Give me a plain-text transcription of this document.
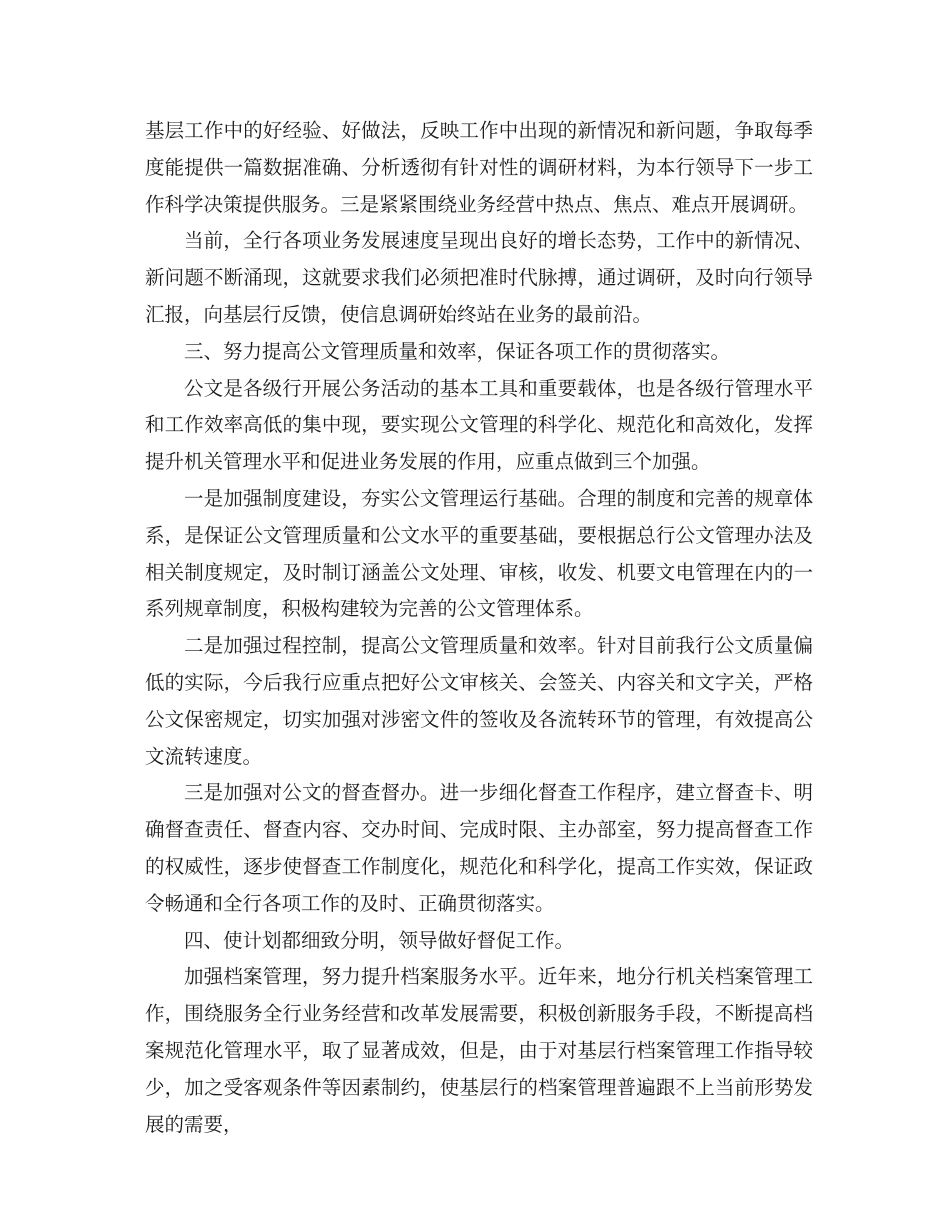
基层工作中的好经验、好做法，反映工作中出现的新情况和新问题，争取每季度能提供一篇数据准确、分析透彻有针对性的调研材料，为本行领导下一步工作科学决策提供服务。三是紧紧围绕业务经营中热点、焦点、难点开展调研。

当前，全行各项业务发展速度呈现出良好的增长态势，工作中的新情况、新问题不断涌现，这就要求我们必须把准时代脉搏，通过调研，及时向行领导汇报，向基层行反馈，使信息调研始终站在业务的最前沿。

三、努力提高公文管理质量和效率，保证各项工作的贯彻落实。

公文是各级行开展公务活动的基本工具和重要载体，也是各级行管理水平和工作效率高低的集中现，要实现公文管理的科学化、规范化和高效化，发挥提升机关管理水平和促进业务发展的作用，应重点做到三个加强。

一是加强制度建设，夯实公文管理运行基础。合理的制度和完善的规章体系，是保证公文管理质量和公文水平的重要基础，要根据总行公文管理办法及相关制度规定，及时制订涵盖公文处理、审核，收发、机要文电管理在内的一系列规章制度，积极构建较为完善的公文管理体系。

二是加强过程控制，提高公文管理质量和效率。针对目前我行公文质量偏低的实际，今后我行应重点把好公文审核关、会签关、内容关和文字关，严格公文保密规定，切实加强对涉密文件的签收及各流转环节的管理，有效提高公文流转速度。

三是加强对公文的督查督办。进一步细化督查工作程序，建立督查卡、明确督查责任、督查内容、交办时间、完成时限、主办部室，努力提高督查工作的权威性，逐步使督查工作制度化，规范化和科学化，提高工作实效，保证政令畅通和全行各项工作的及时、正确贯彻落实。

四、使计划都细致分明，领导做好督促工作。

加强档案管理，努力提升档案服务水平。近年来，地分行机关档案管理工作，围绕服务全行业务经营和改革发展需要，积极创新服务手段，不断提高档案规范化管理水平，取了显著成效，但是，由于对基层行档案管理工作指导较少，加之受客观条件等因素制约，使基层行的档案管理普遍跟不上当前形势发展的需要，
